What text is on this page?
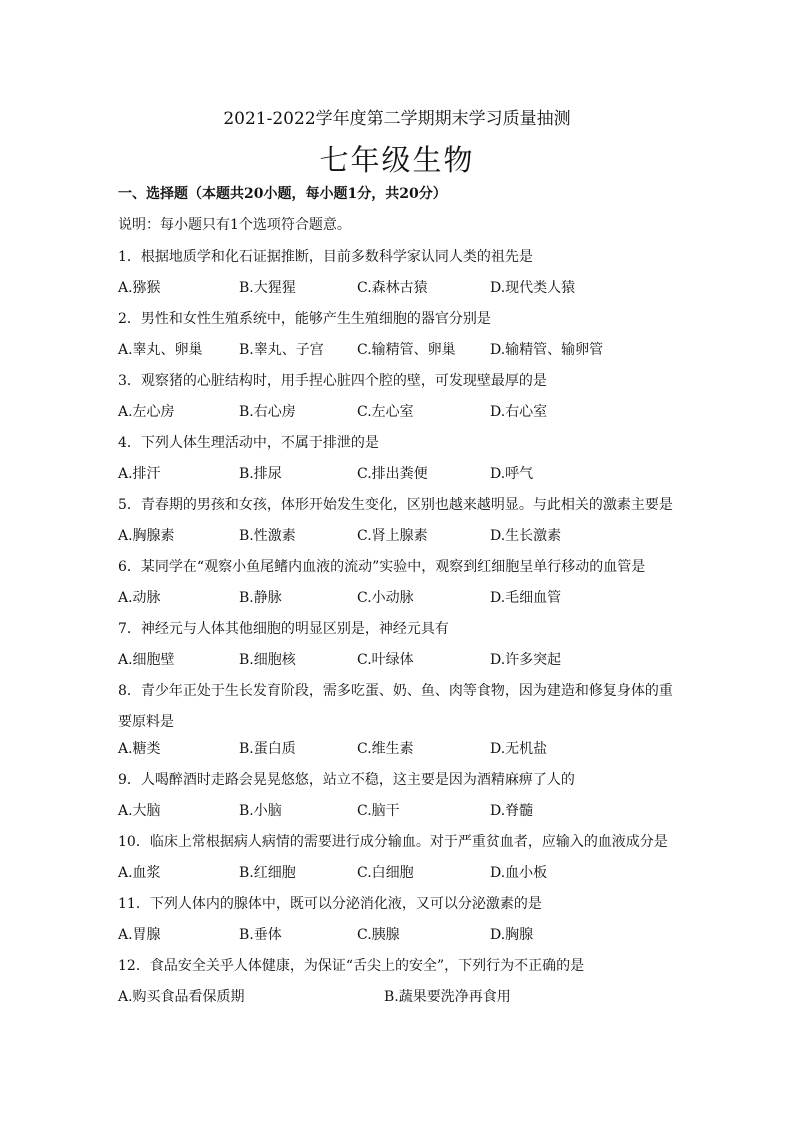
2021-2022学年度第二学期期末学习质量抽测
七年级生物
一、选择题（本题共20小题，每小题1分，共20分）
说明：每小题只有1个选项符合题意。
1．根据地质学和化石证据推断，目前多数科学家认同人类的祖先是
A.猕猴	B.大猩猩	C.森林古猿	D.现代类人猿
2．男性和女性生殖系统中，能够产生生殖细胞的器官分别是
A.睾丸、卵巢	B.睾丸、子宫 C.输精管、卵巢 D.输精管、输卵管
3．观察猪的心脏结构时，用手捏心脏四个腔的壁，可发现壁最厚的是
A.左心房	B.右心房	C.左心室	D.右心室
4．下列人体生理活动中，不属于排泄的是
A.排汗	B.排尿	C.排出粪便	D.呼气
5．青春期的男孩和女孩，体形开始发生变化，区别也越来越明显。与此相关的激素主要是
A.胸腺素	B.性激素	C.肾上腺素	D.生长激素
6．某同学在“观察小鱼尾鳍内血液的流动”实验中，观察到红细胞呈单行移动的血管是
A.动脉	B.静脉	C.小动脉	D.毛细血管
7．神经元与人体其他细胞的明显区别是，神经元具有
A.细胞壁	B.细胞核	C.叶绿体	D.许多突起
8．青少年正处于生长发育阶段，需多吃蛋、奶、鱼、肉等食物，因为建造和修复身体的重要原料是
A.糖类	B.蛋白质	C.维生素	D.无机盐
9．人喝醉酒时走路会晃晃悠悠，站立不稳，这主要是因为酒精麻痹了人的
A.大脑	B.小脑	C.脑干	D.脊髓
10．临床上常根据病人病情的需要进行成分输血。对于严重贫血者，应输入的血液成分是
A.血浆	B.红细胞	C.白细胞	D.血小板
11．下列人体内的腺体中，既可以分泌消化液，又可以分泌激素的是
A.胃腺	B.垂体	C.胰腺	D.胸腺
12．食品安全关乎人体健康，为保证“舌尖上的安全”，下列行为不正确的是
A.购买食品看保质期	B.蔬果要洗净再食用
